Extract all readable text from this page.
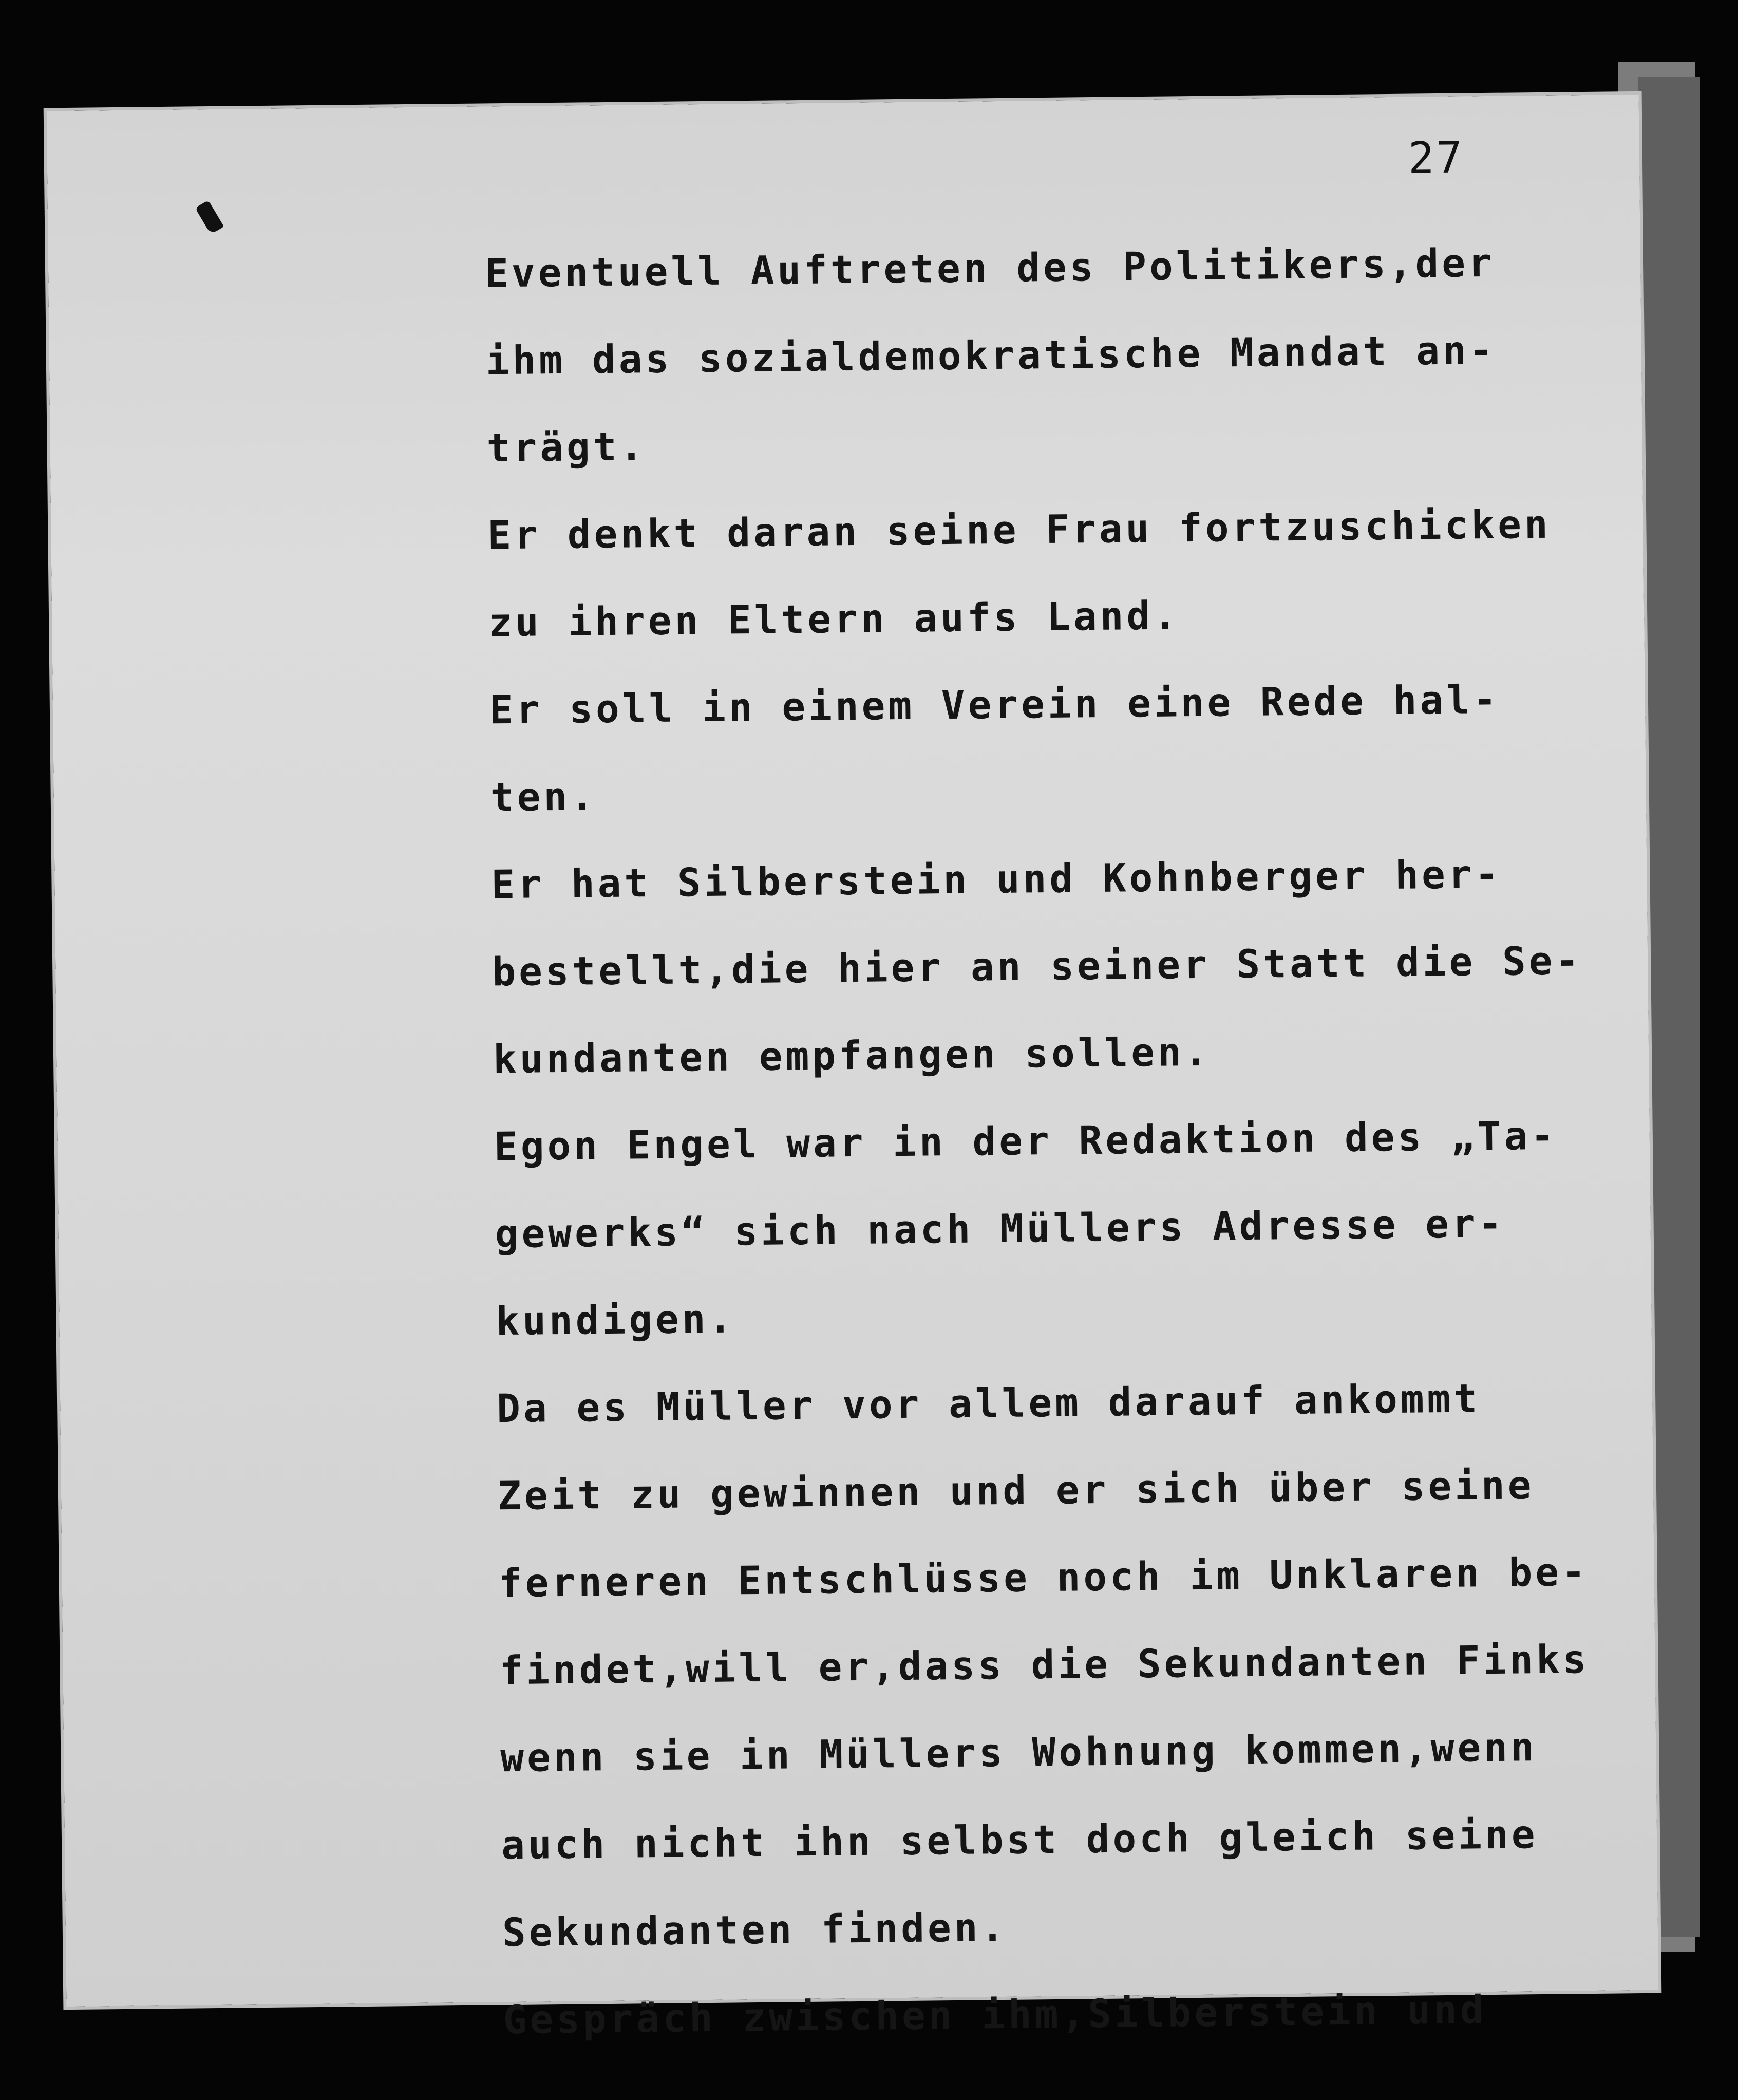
27
Eventuell Auftreten des Politikers,der
ihm das sozialdemokratische Mandat an-
trägt.
Er denkt daran seine Frau fortzuschicken
zu ihren Eltern aufs Land.
Er soll in einem Verein eine Rede hal-
ten.
Er hat Silberstein und Kohnberger her-
bestellt,die hier an seiner Statt die Se-
kundanten empfangen sollen.
Egon Engel war in der Redaktion des „Ta-
gewerks“ sich nach Müllers Adresse er-
kundigen.
Da es Müller vor allem darauf ankommt
Zeit zu gewinnen und er sich über seine
ferneren Entschlüsse noch im Unklaren be-
findet,will er,dass die Sekundanten Finks
wenn sie in Müllers Wohnung kommen,wenn
auch nicht ihn selbst doch gleich seine
Sekundanten finden.
Gespräch zwischen ihm,Silberstein und
